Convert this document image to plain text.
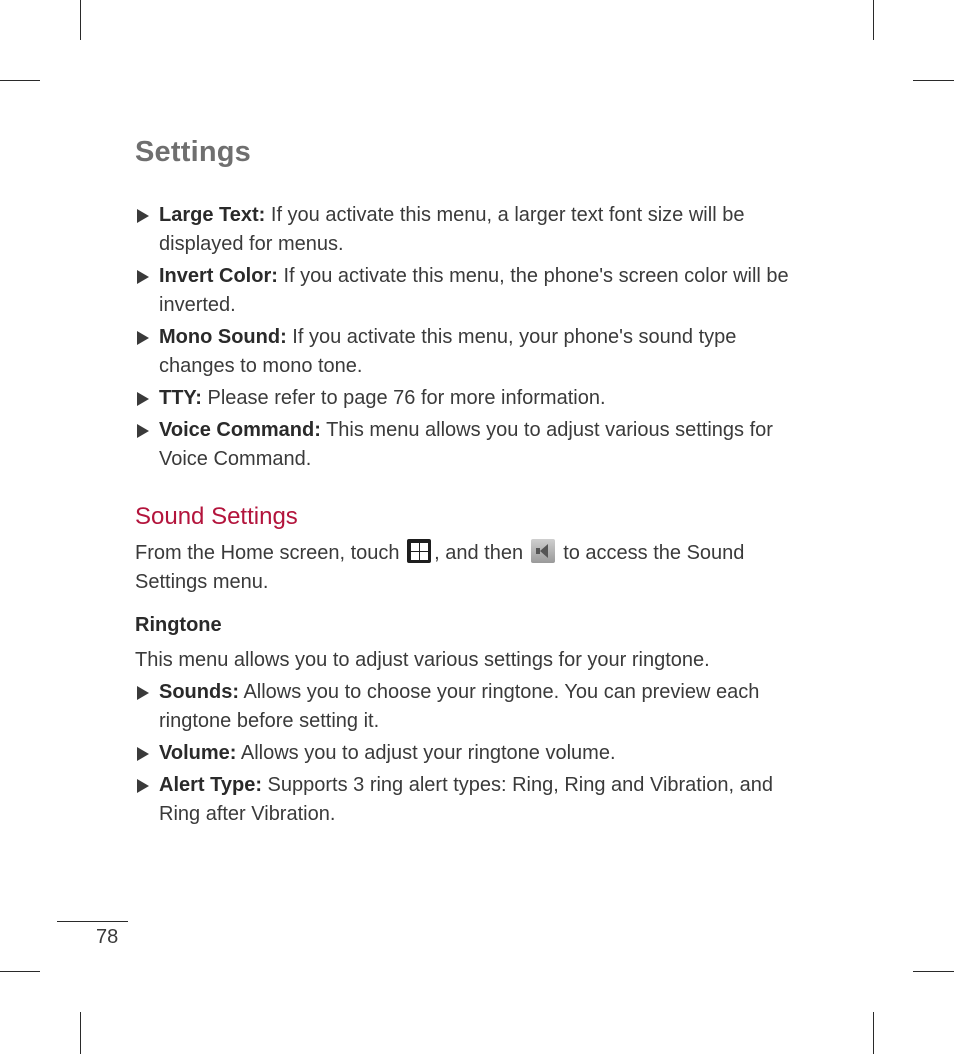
Settings
Large Text: If you activate this menu, a larger text font size will be displayed for menus.
Invert Color: If you activate this menu, the phone's screen color will be inverted.
Mono Sound: If you activate this menu, your phone's sound type changes to mono tone.
TTY: Please refer to page 76 for more information.
Voice Command: This menu allows you to adjust various settings for Voice Command.
Sound Settings
From the Home screen, touch
, and then
to access the Sound Settings menu.
Ringtone
This menu allows you to adjust various settings for your ringtone.
Sounds: Allows you to choose your ringtone. You can preview each ringtone before setting it.
Volume: Allows you to adjust your ringtone volume.
Alert Type: Supports 3 ring alert types: Ring, Ring and Vibration, and Ring after Vibration.
78
